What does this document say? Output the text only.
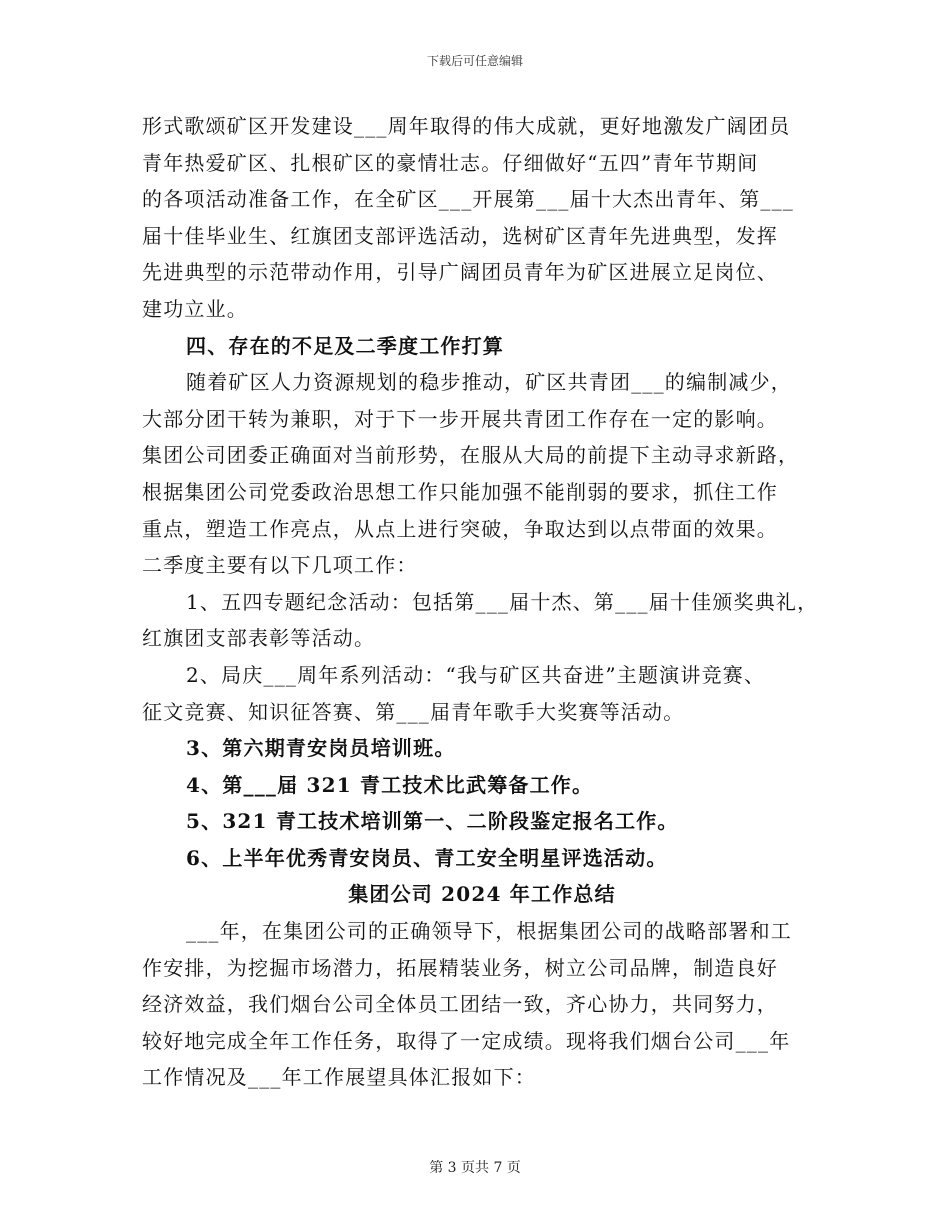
下载后可任意编辑
形式歌颂矿区开发建设___周年取得的伟大成就，更好地激发广阔团员
青年热爱矿区、扎根矿区的豪情壮志。仔细做好“五四”青年节期间
的各项活动准备工作，在全矿区___开展第___届十大杰出青年、第___
届十佳毕业生、红旗团支部评选活动，选树矿区青年先进典型，发挥
先进典型的示范带动作用，引导广阔团员青年为矿区进展立足岗位、
建功立业。
四、存在的不足及二季度工作打算
随着矿区人力资源规划的稳步推动，矿区共青团___的编制减少，
大部分团干转为兼职，对于下一步开展共青团工作存在一定的影响。
集团公司团委正确面对当前形势，在服从大局的前提下主动寻求新路，
根据集团公司党委政治思想工作只能加强不能削弱的要求，抓住工作
重点，塑造工作亮点，从点上进行突破，争取达到以点带面的效果。
二季度主要有以下几项工作：
1、五四专题纪念活动：包括第___届十杰、第___届十佳颁奖典礼，
红旗团支部表彰等活动。
2、局庆___周年系列活动：“我与矿区共奋进”主题演讲竞赛、
征文竞赛、知识征答赛、第___届青年歌手大奖赛等活动。
3、第六期青安岗员培训班。
4、第___届 321 青工技术比武筹备工作。
5、321 青工技术培训第一、二阶段鉴定报名工作。
6、上半年优秀青安岗员、青工安全明星评选活动。
集团公司 2024 年工作总结
___年，在集团公司的正确领导下，根据集团公司的战略部署和工
作安排，为挖掘市场潜力，拓展精装业务，树立公司品牌，制造良好
经济效益，我们烟台公司全体员工团结一致，齐心协力，共同努力，
较好地完成全年工作任务，取得了一定成绩。现将我们烟台公司___年
工作情况及___年工作展望具体汇报如下：
第 3 页共 7 页
